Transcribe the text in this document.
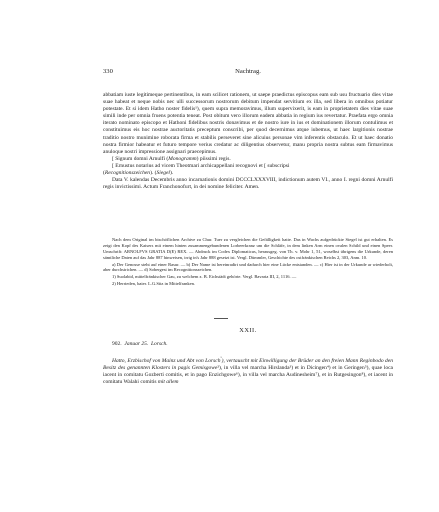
330	Nachtrag.

abbatiam iuste legitimeque pertinentibus, in eam scilicet rationem, ut saepe praedictus episcopus eam sub usu fructuario dies vitae suae habeat et neque nobis nec ulli successorum nostrorum debitum impendat servitium ex illa, sed libera in omnibus potiatur potestate. Et si idem Hatho noster fidelis¹), quem supra memoravimus, illum supervixerit, is eam in proprietatem dies vitae suae simili inde per omnia fruens potentia teneat. Post obitum vero illorum eadem abbatia in regium ius revertatur. Praefata ergo omnia iterato nominato episcopo et Hathoni fidelibus nostris donavimus et de nostro iure in ius et dominationem illorum contulimus et constituimus eis hoc nostrae auctoritatis preceptum conscribi, per quod decernimus atque iubemus, ut haec largitionis nostrae traditio nostro munimine roborata firma et stabilis perseveret sine alicuius personae vim inferentis obstaculo. Et ut haec donatio nostra firmior habeatur et futuro tempore verius credatur ac diligentius observetur, manu propria nostra subtus eam firmavimus anuloque nostri impressione assignari praecepimus.

[ Signum domni Arnulfi (Monogramm) piissimi regis.

[ Ernustus notarius ad vicem Theotmari archicappellani recognovi et [ subscripsi

(Recognitionszeichen). (Siegel).

Data V. kalendas Decembris anno incarnationis domini DCCCLXXXVIII, indictionum autem VI., anno I. regni domni Arnulfi regis invictissimi. Actum Franchonofurt, in dei nomine feliciter. Amen.

Nach dem Original im bischöflichen Archive zu Chur. Tuer zu vergleichen die Gefälligkeit hatte. Das in Wachs aufgedrückte Siegel ist gut erhalten. Es zeigt den Kopf des Kaisers mit einem hinten zusammengebundenen Lorbeerkranz um die Schläfe, in dem linken Arm einen ovalen Schild und einen Speer. Umschrift: ARNOLFVS GRATIA D(E) REX. — Abdruck im Codex Diplomaticus, herausgeg. von Th. v. Mohr 1, 51, woselbst übrigens die Urkunde, deren sämtliche Daten auf das Jahr 887 hinweisen, irrig in's Jahr 888 gesetzt ist. Vergl. Dümmler, Geschichte des ostfränkischen Reichs 2, 303, Anm. 10.

a) Der Genosse steht auf einer Rasur. — b) Der Name ist hereinradirt und dadurch hier eine Lücke entstanden. — c) Hier ist in der Urkunde ar wiederholt, aber durchstrichen. — d) Sobergest im Recognitionszeichen.

1) Suolabid, mittelfränkischer Gau, zu welchem z. B. Eichstädt gehörte. Vergl. Bavaria III, 2, 1116. —

2) Herrieden, baier. L.G.Sitz in Mittelfranken.

XXII.

902. Januar 25. Lorsch.

Hatto, Erzbischof von Mainz und Abt von Lorsch$^{^1}$), vertauscht mit Einwilligung der Brüder an den freien Mann Reginbodo den Besitz des genannten Klosters in pagis Gemisgowe²), in villa vel marcha Hirslanda³) et in Dicingen⁴) et in Geringen⁵), quae loca iacent in comitatu Gozberti comitis, et in pago Enzichgowe⁶), in villa vel marcha Audinesheim⁷), et in Rutgesingon⁸), et iacent in comitatu Walahi comitis mit allem
